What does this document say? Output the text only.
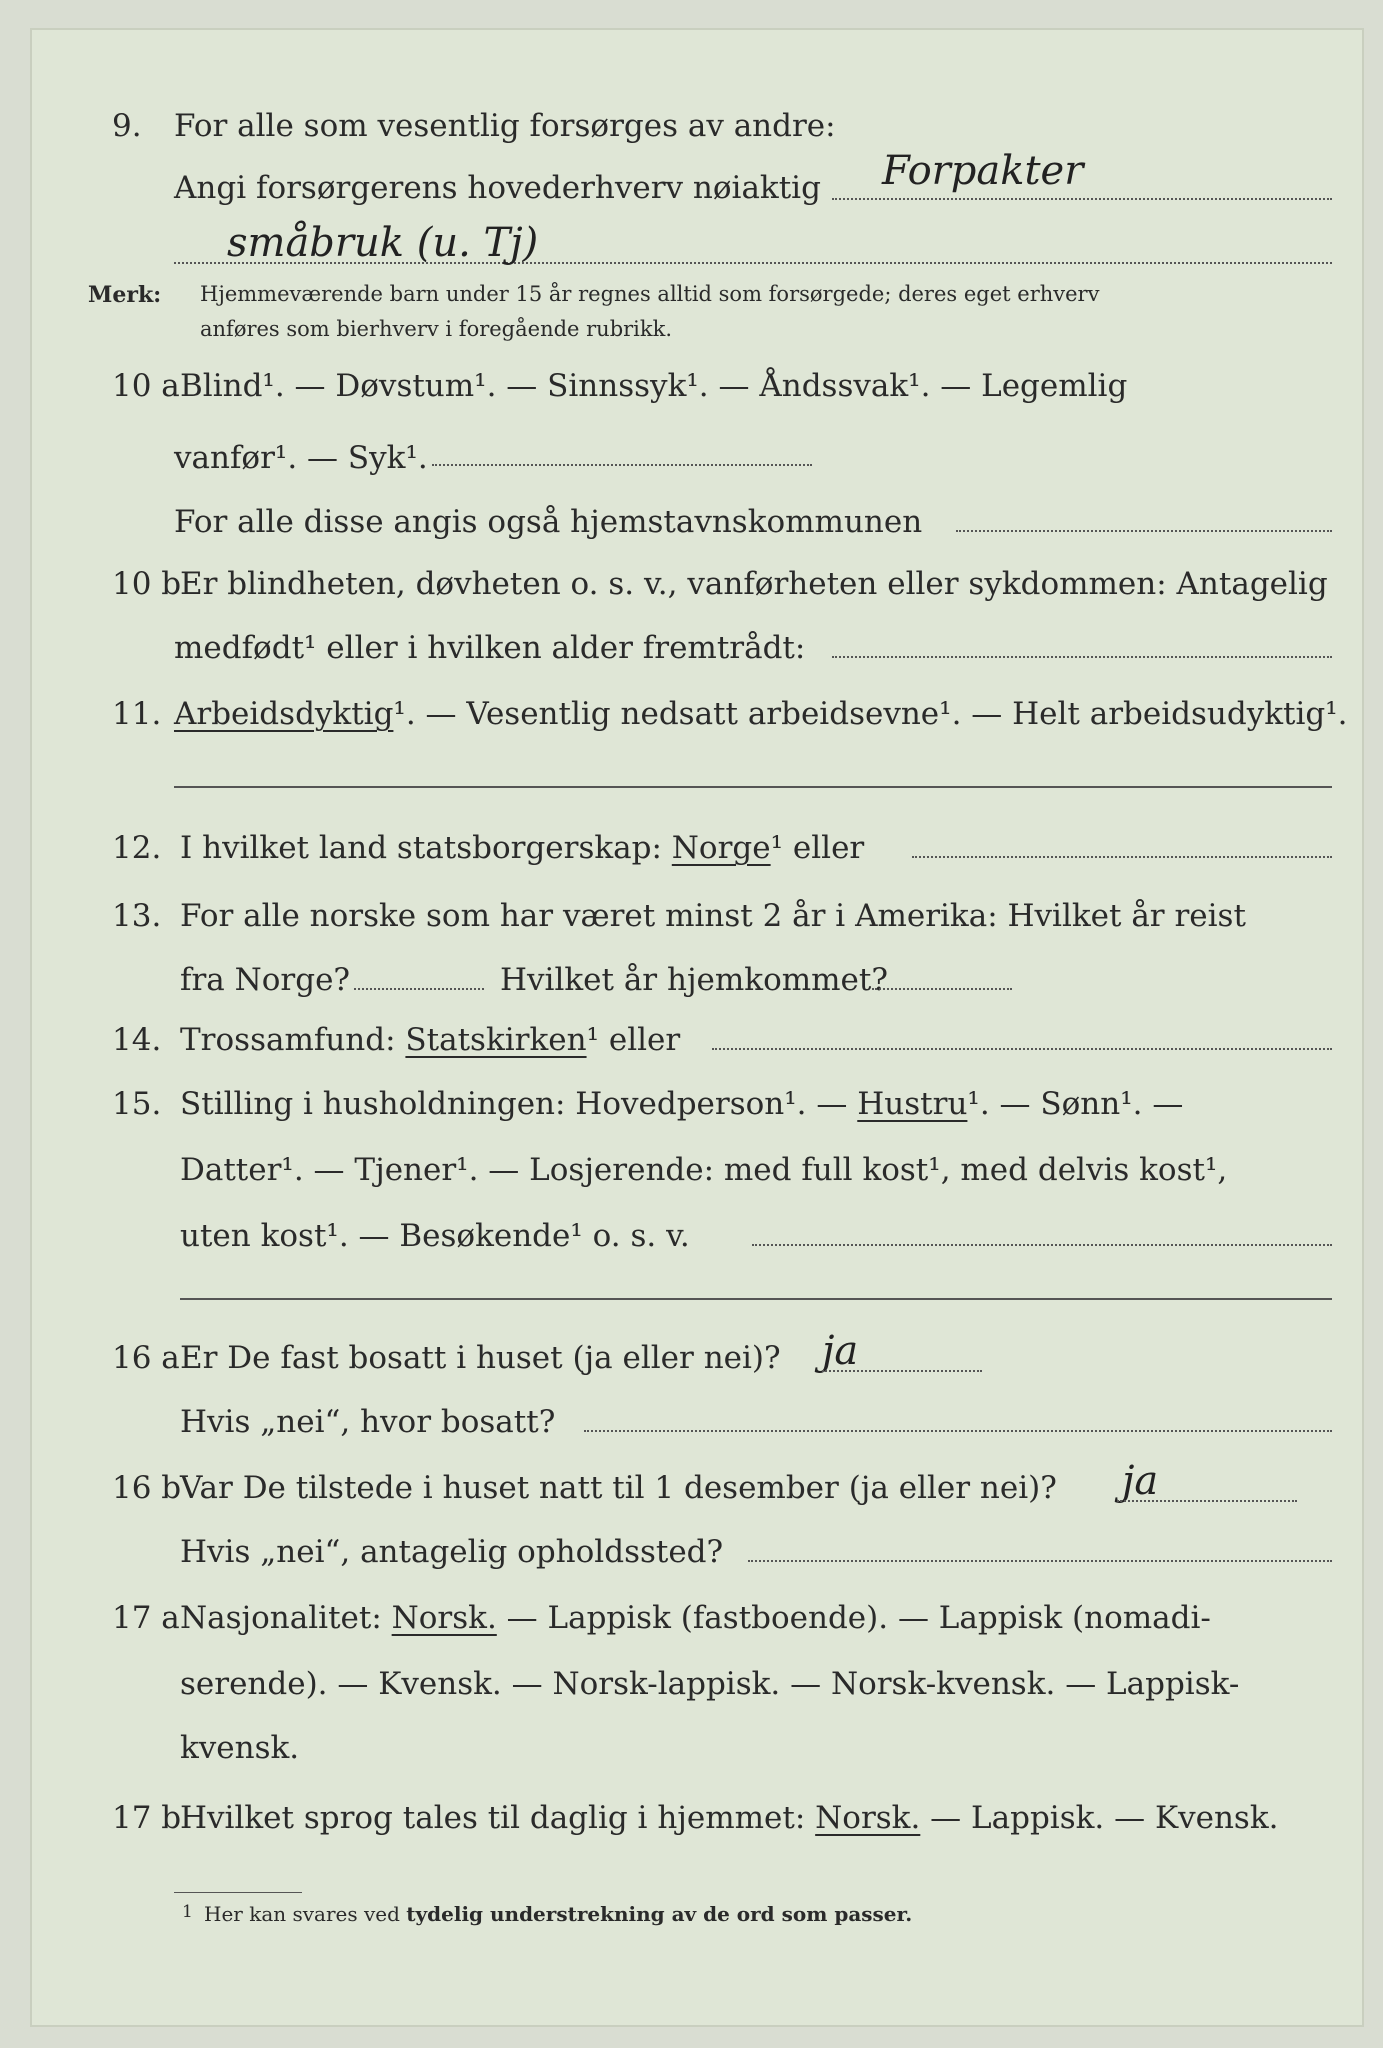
9. For alle som vesentlig forsørges av andre:
Angi forsørgerens hovederhverv nøiaktig Forpakter
småbruk (u. Tj)
Merk: Hjemmeværende barn under 15 år regnes alltid som forsørgede; deres eget erhverv
anføres som bierhverv i foregående rubrikk.
10 a Blind¹. — Døvstum¹. — Sinnssyk¹. — Åndssvak¹. — Legemlig
vanfør¹. — Syk¹.
For alle disse angis også hjemstavnskommunen
10 b
Er blindheten, døvheten o. s. v., vanførheten eller sykdommen: Antagelig
medfødt¹ eller i hvilken alder fremtrådt:
11. Arbeidsdyktig¹. — Vesentlig nedsatt arbeidsevne¹. — Helt arbeidsudyktig¹.
12. I hvilket land statsborgerskap: Norge¹ eller
13. For alle norske som har været minst 2 år i Amerika: Hvilket år reist
fra Norge?	Hvilket år hjemkommet?
14. Trossamfund: Statskirken¹ eller
15. Stilling i husholdningen: Hovedperson¹. — Hustru¹. — Sønn¹. —
Datter¹. — Tjener¹. — Losjerende: med full kost¹, med delvis kost¹,
uten kost¹. — Besøkende¹ o. s. v.
16 a Er De fast bosatt i huset (ja eller nei)? ja
Hvis „nei“, hvor bosatt?
16 b
Var De tilstede i huset natt til 1 desember (ja eller nei)? ja
Hvis „nei“, antagelig opholdssted?
17 a Nasjonalitet: Norsk. — Lappisk (fastboende). — Lappisk (nomadi-
serende). — Kvensk. — Norsk-lappisk. — Norsk-kvensk. — Lappisk-
kvensk.
17 b
Hvilket sprog tales til daglig i hjemmet: Norsk. — Lappisk. — Kvensk.
1 Her kan svares ved tydelig understrekning av de ord som passer.
